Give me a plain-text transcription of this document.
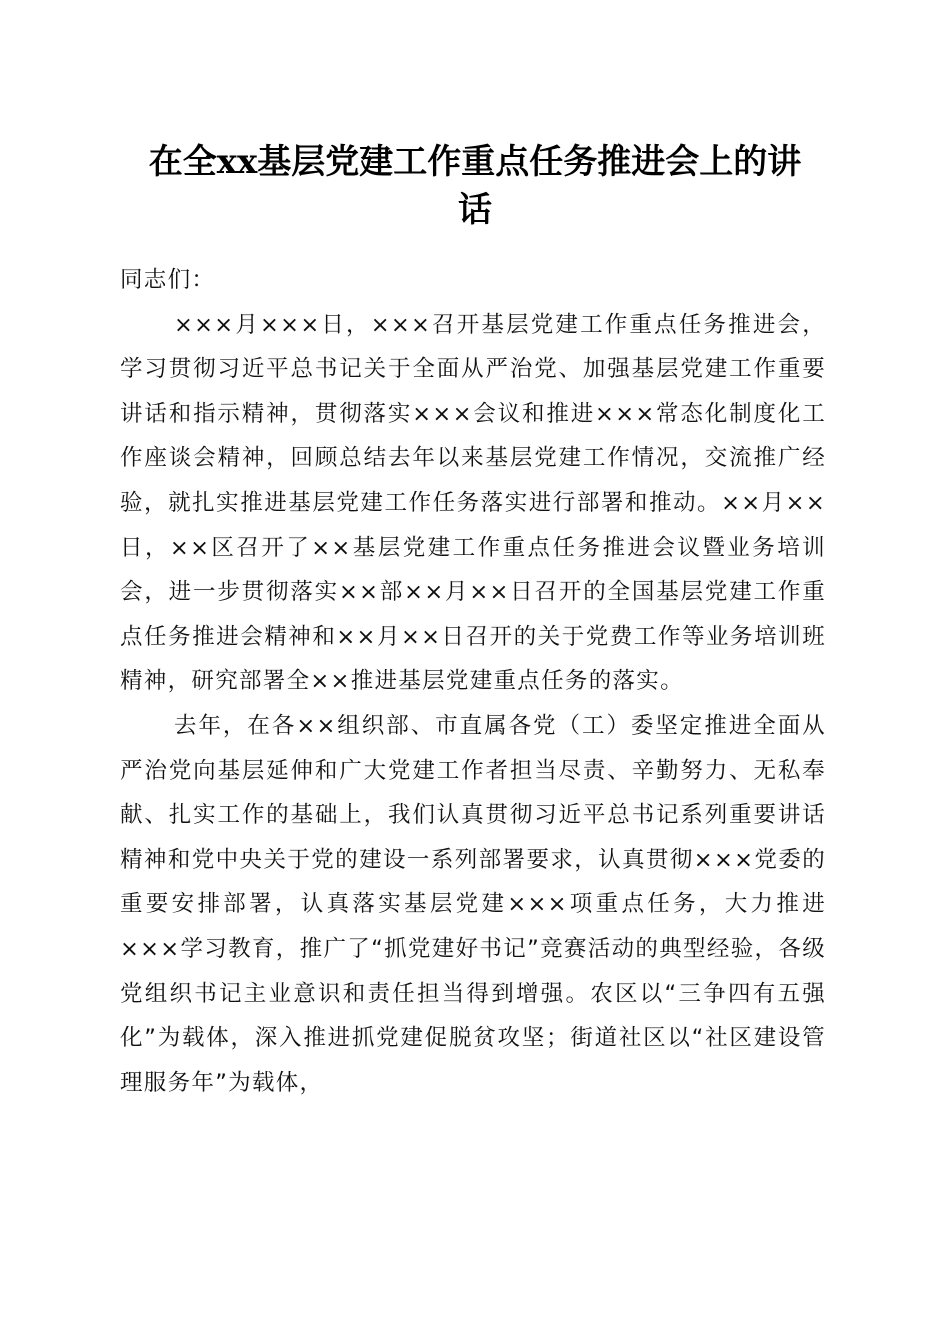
在全xx基层党建工作重点任务推进会上的讲
话

同志们：

×××月×××日，×××召开基层党建工作重点任务推进会，学习贯彻习近平总书记关于全面从严治党、加强基层党建工作重要讲话和指示精神，贯彻落实×××会议和推进×××常态化制度化工作座谈会精神，回顾总结去年以来基层党建工作情况，交流推广经验，就扎实推进基层党建工作任务落实进行部署和推动。××月××日，××区召开了××基层党建工作重点任务推进会议暨业务培训会，进一步贯彻落实××部××月××日召开的全国基层党建工作重点任务推进会精神和××月××日召开的关于党费工作等业务培训班精神，研究部署全××推进基层党建重点任务的落实。

去年，在各××组织部、市直属各党（工）委坚定推进全面从严治党向基层延伸和广大党建工作者担当尽责、辛勤努力、无私奉献、扎实工作的基础上，我们认真贯彻习近平总书记系列重要讲话精神和党中央关于党的建设一系列部署要求，认真贯彻×××党委的重要安排部署，认真落实基层党建×××项重点任务，大力推进×××学习教育，推广了“抓党建好书记”竞赛活动的典型经验，各级党组织书记主业意识和责任担当得到增强。农区以“三争四有五强化”为载体，深入推进抓党建促脱贫攻坚；街道社区以“社区建设管理服务年”为载体，
